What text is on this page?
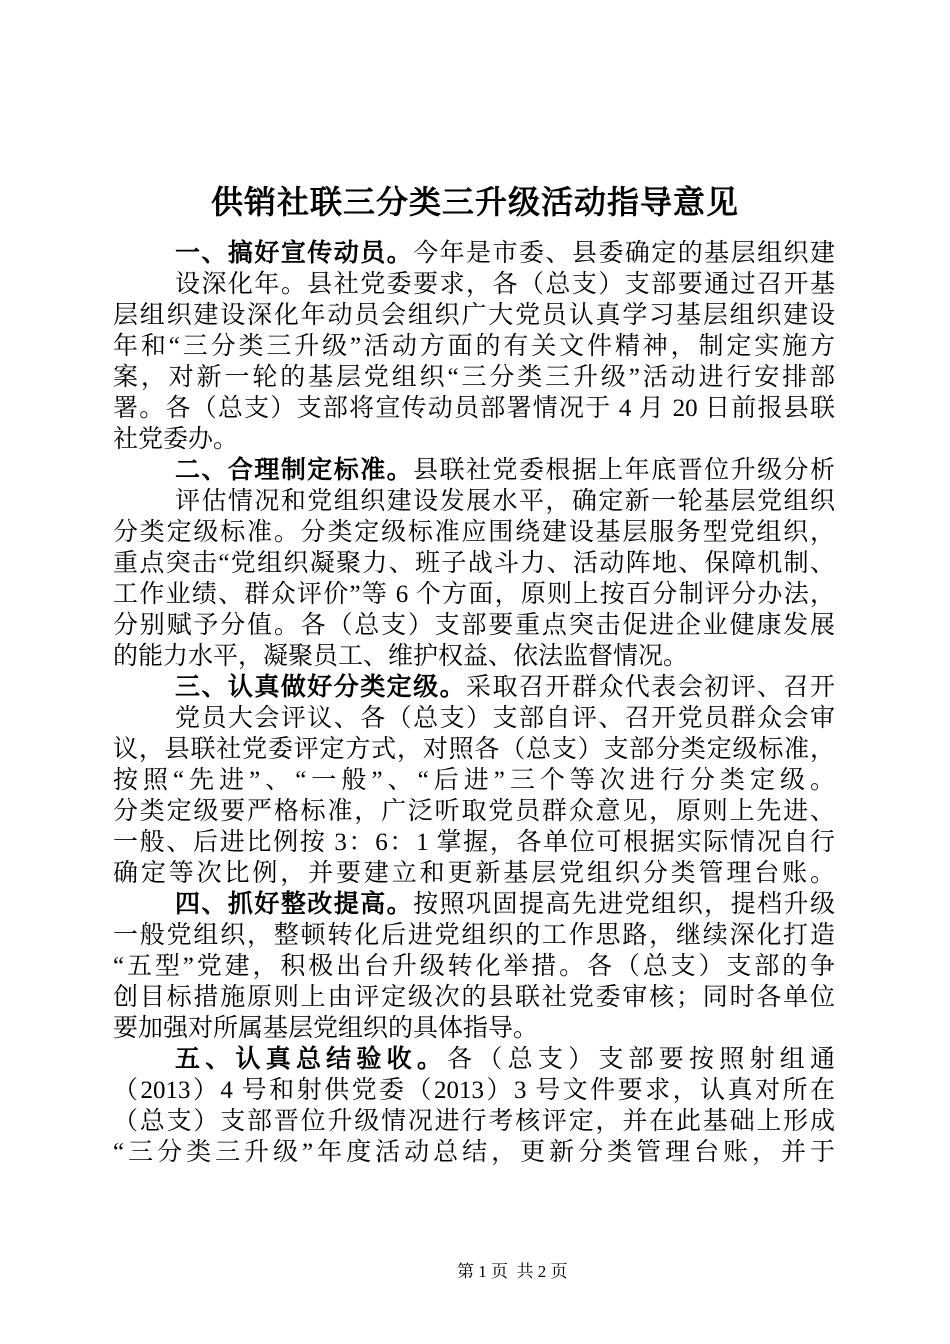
供销社联三分类三升级活动指导意见
一、搞好宣传动员。今年是市委、县委确定的基层组织建
设深化年。县社党委要求，各（总支）支部要通过召开基
层组织建设深化年动员会组织广大党员认真学习基层组织建设
年和“三分类三升级”活动方面的有关文件精神，制定实施方
案，对新一轮的基层党组织“三分类三升级”活动进行安排部
署。各（总支）支部将宣传动员部署情况于 4 月 20 日前报县联
社党委办。
二、合理制定标准。县联社党委根据上年底晋位升级分析
评估情况和党组织建设发展水平，确定新一轮基层党组织
分类定级标准。分类定级标准应围绕建设基层服务型党组织，
重点突击“党组织凝聚力、班子战斗力、活动阵地、保障机制、
工作业绩、群众评价”等 6 个方面，原则上按百分制评分办法，
分别赋予分值。各（总支）支部要重点突击促进企业健康发展
的能力水平，凝聚员工、维护权益、依法监督情况。
三、认真做好分类定级。采取召开群众代表会初评、召开
党员大会评议、各（总支）支部自评、召开党员群众会审
议，县联社党委评定方式，对照各（总支）支部分类定级标准，
按照“先进”、“一般”、“后进”三个等次进行分类定级。
分类定级要严格标准，广泛听取党员群众意见，原则上先进、
一般、后进比例按 3：6：1 掌握，各单位可根据实际情况自行
确定等次比例，并要建立和更新基层党组织分类管理台账。
四、抓好整改提高。按照巩固提高先进党组织，提档升级
一般党组织，整顿转化后进党组织的工作思路，继续深化打造
“五型”党建，积极出台升级转化举措。各（总支）支部的争
创目标措施原则上由评定级次的县联社党委审核；同时各单位
要加强对所属基层党组织的具体指导。
五、认真总结验收。各（总支）支部要按照射组通
（2013）4 号和射供党委（2013）3 号文件要求，认真对所在
（总支）支部晋位升级情况进行考核评定，并在此基础上形成
“三分类三升级”年度活动总结，更新分类管理台账，并于

第 1 页  共 2 页
